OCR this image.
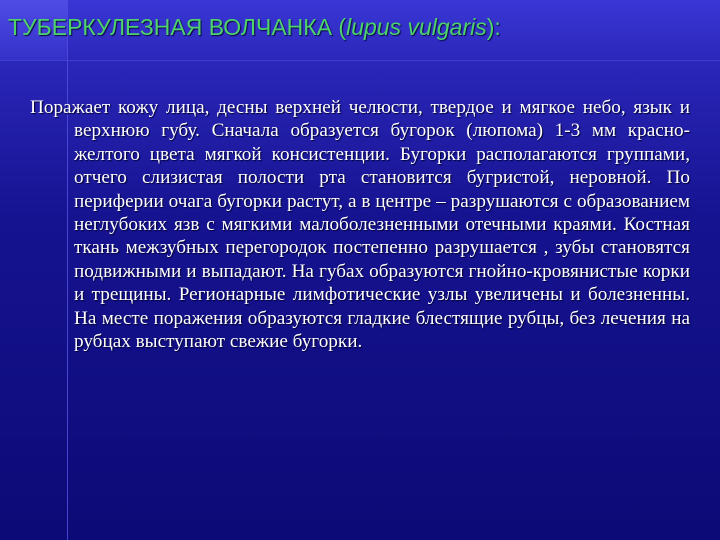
ТУБЕРКУЛЕЗНАЯ ВОЛЧАНКА (lupus vulgaris):

Поражает кожу лица, десны верхней челюсти, твердое и мягкое небо, язык и верхнюю губу. Сначала образуется бугорок (люпома) 1-3 мм красно-желтого цвета мягкой консистенции. Бугорки располагаются группами, отчего слизистая полости рта становится бугристой, неровной. По периферии очага бугорки растут, а в центре – разрушаются с образованием неглубоких язв с мягкими малоболезненными отечными краями. Костная ткань межзубных перегородок постепенно разрушается , зубы становятся подвижными и выпадают. На губах образуются гнойно-кровянистые корки и трещины. Регионарные лимфотические узлы увеличены и болезненны. На месте поражения образуются гладкие блестящие рубцы, без лечения на рубцах выступают свежие бугорки.
